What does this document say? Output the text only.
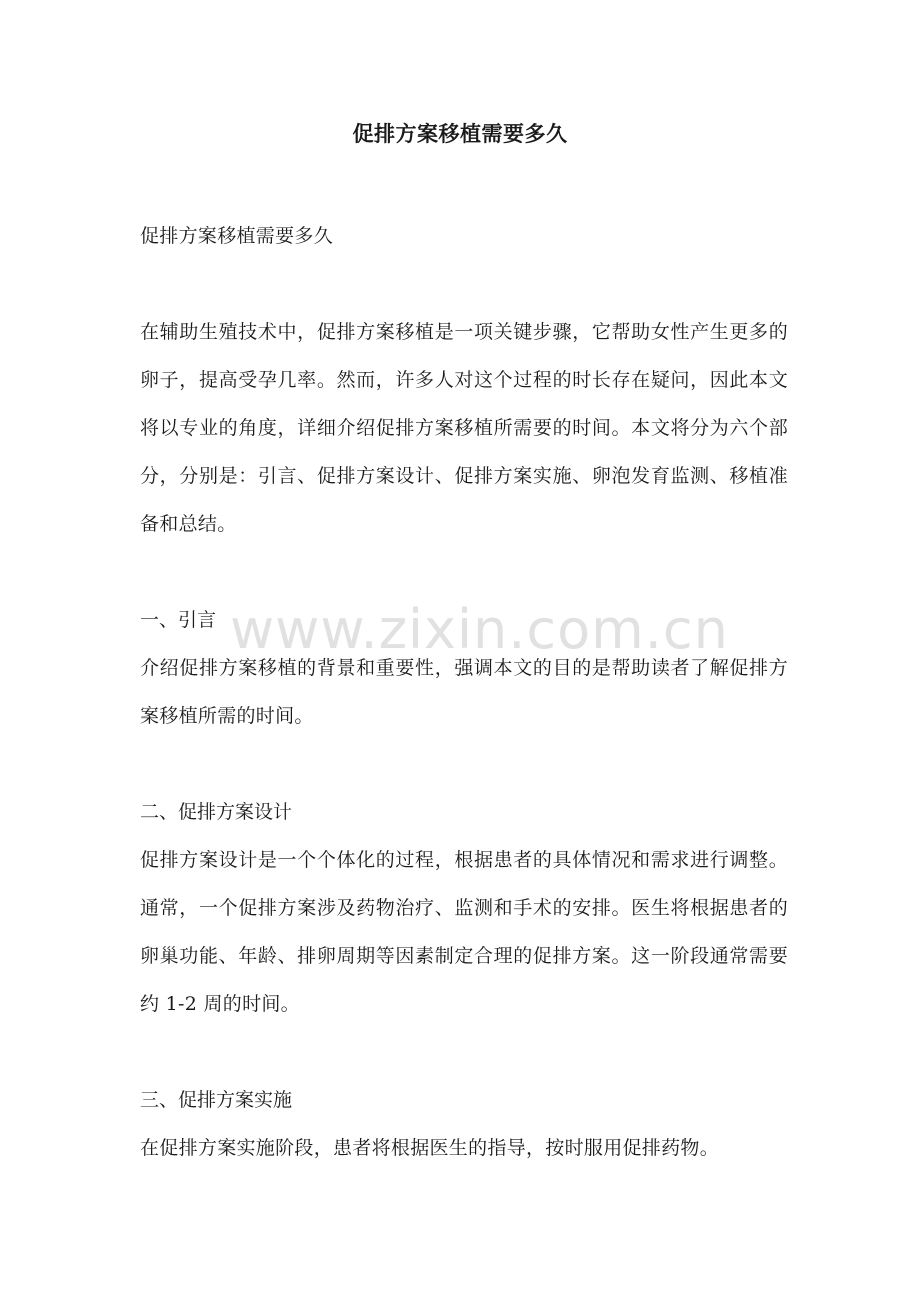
促排方案移植需要多久

促排方案移植需要多久

在辅助生殖技术中，促排方案移植是一项关键步骤，它帮助女性产生更多的卵子，提高受孕几率。然而，许多人对这个过程的时长存在疑问，因此本文将以专业的角度，详细介绍促排方案移植所需要的时间。本文将分为六个部分，分别是：引言、促排方案设计、促排方案实施、卵泡发育监测、移植准备和总结。

一、引言

介绍促排方案移植的背景和重要性，强调本文的目的是帮助读者了解促排方案移植所需的时间。

二、促排方案设计

促排方案设计是一个个体化的过程，根据患者的具体情况和需求进行调整。通常，一个促排方案涉及药物治疗、监测和手术的安排。医生将根据患者的卵巢功能、年龄、排卵周期等因素制定合理的促排方案。这一阶段通常需要约 1-2 周的时间。

三、促排方案实施

在促排方案实施阶段，患者将根据医生的指导，按时服用促排药物。

www.zixin.com.cn
